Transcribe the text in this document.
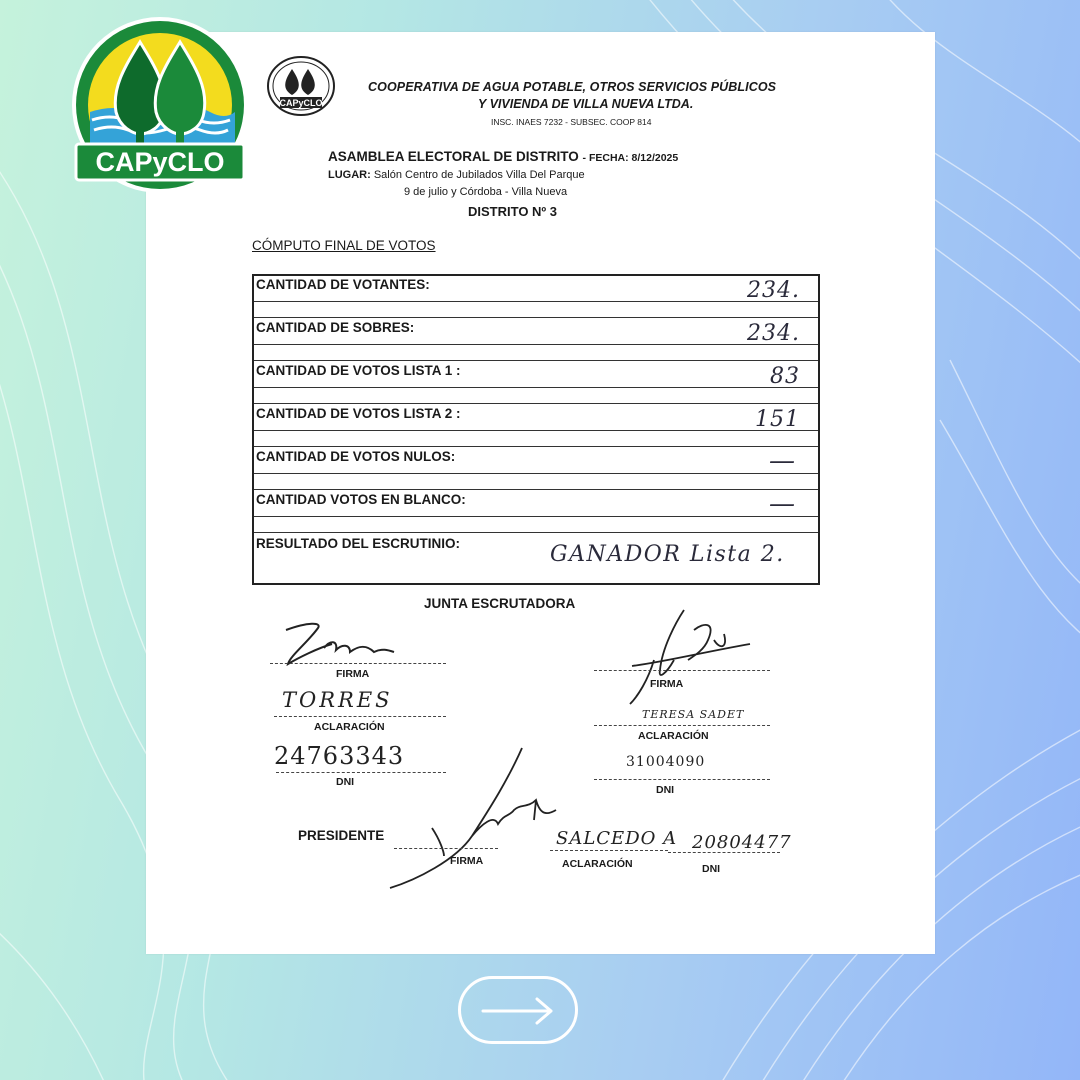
CAPyCLO
COOPERATIVA DE AGUA POTABLE, OTROS SERVICIOS PÚBLICOS
Y VIVIENDA DE VILLA NUEVA LTDA.
INSC. INAES 7232 - SUBSEC. COOP 814
ASAMBLEA ELECTORAL DE DISTRITO - FECHA: 8/12/2025
LUGAR: Salón Centro de Jubilados Villa Del Parque
9 de julio y Córdoba - Villa Nueva
DISTRITO Nº 3
CÓMPUTO FINAL DE VOTOS
CANTIDAD DE VOTANTES:	234.
CANTIDAD DE SOBRES:	234.
CANTIDAD DE VOTOS LISTA 1 :	83
CANTIDAD DE VOTOS LISTA 2 :	151
CANTIDAD DE VOTOS NULOS:	—
CANTIDAD VOTOS EN BLANCO:	—
RESULTADO DEL ESCRUTINIO:	GANADOR Lista 2.
JUNTA ESCRUTADORA
FIRMA
TORRES
ACLARACIÓN
24763343
DNI
FIRMA
TERESA SADET
ACLARACIÓN
31004090
DNI
PRESIDENTE
FIRMA
SALCEDO A
ACLARACIÓN
20804477
DNI
CAPyCLO
